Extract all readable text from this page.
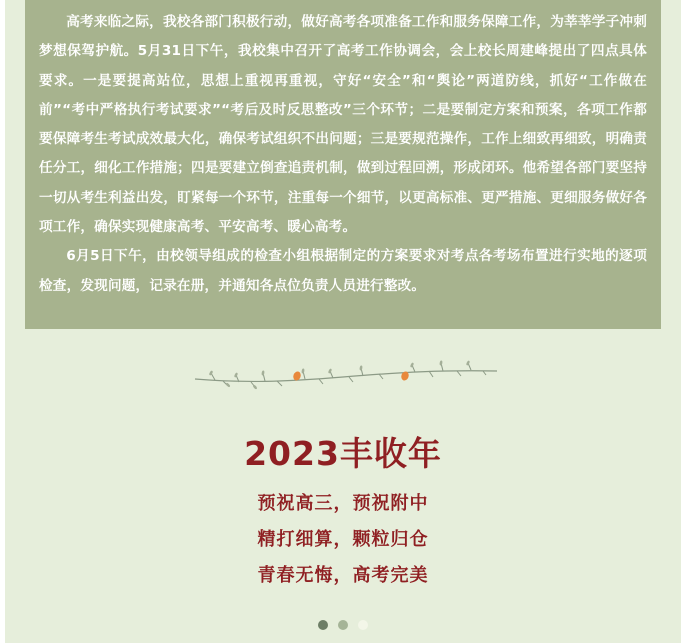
高考来临之际，我校各部门积极行动，做好高考各项准备工作和服务保障工作，为莘莘学子冲刺梦想保驾护航。5月31日下午，我校集中召开了高考工作协调会，会上校长周建峰提出了四点具体要求。一是要提高站位，思想上重视再重视，守好“安全”和“舆论”两道防线，抓好“工作做在前”“考中严格执行考试要求”“考后及时反思整改”三个环节；二是要制定方案和预案，各项工作都要保障考生考试成效最大化，确保考试组织不出问题；三是要规范操作，工作上细致再细致，明确责任分工，细化工作措施；四是要建立倒查追责机制，做到过程回溯，形成闭环。他希望各部门要坚持一切从考生利益出发，盯紧每一个环节，注重每一个细节，以更高标准、更严措施、更细服务做好各项工作，确保实现健康高考、平安高考、暖心高考。

6月5日下午，由校领导组成的检查小组根据制定的方案要求对考点各考场布置进行实地的逐项检查，发现问题，记录在册，并通知各点位负责人员进行整改。

2023丰收年
预祝高三，预祝附中
精打细算，颗粒归仓
青春无悔，高考完美
